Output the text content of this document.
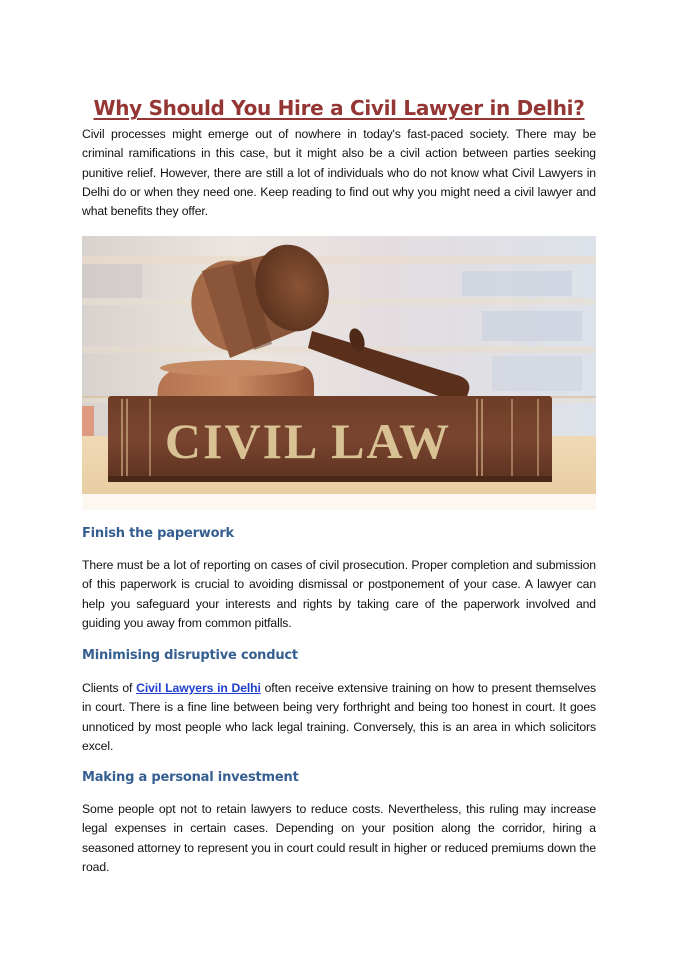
Why Should You Hire a Civil Lawyer in Delhi?

Civil processes might emerge out of nowhere in today's fast-paced society. There may be criminal ramifications in this case, but it might also be a civil action between parties seeking punitive relief. However, there are still a lot of individuals who do not know what Civil Lawyers in Delhi do or when they need one. Keep reading to find out why you might need a civil lawyer and what benefits they offer.

CIVIL LAW
Finish the paperwork

There must be a lot of reporting on cases of civil prosecution. Proper completion and submission of this paperwork is crucial to avoiding dismissal or postponement of your case. A lawyer can help you safeguard your interests and rights by taking care of the paperwork involved and guiding you away from common pitfalls.

Minimising disruptive conduct

Clients of Civil Lawyers in Delhi often receive extensive training on how to present themselves in court. There is a fine line between being very forthright and being too honest in court. It goes unnoticed by most people who lack legal training. Conversely, this is an area in which solicitors excel.

Making a personal investment

Some people opt not to retain lawyers to reduce costs. Nevertheless, this ruling may increase legal expenses in certain cases. Depending on your position along the corridor, hiring a seasoned attorney to represent you in court could result in higher or reduced premiums down the road.
